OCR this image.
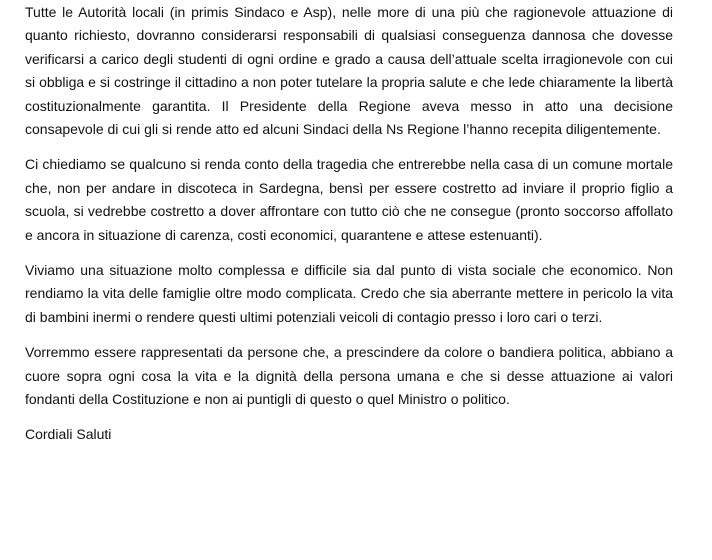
Tutte le Autorità locali (in primis Sindaco e Asp), nelle more di una più che ragionevole attuazione di quanto richiesto, dovranno considerarsi responsabili di qualsiasi conseguenza dannosa che dovesse verificarsi a carico degli studenti di ogni ordine e grado a causa dell’attuale scelta irragionevole con cui si obbliga e si costringe il cittadino a non poter tutelare la propria salute e che lede chiaramente la libertà costituzionalmente garantita. Il Presidente della Regione aveva messo in atto una decisione consapevole di cui gli si rende atto ed alcuni Sindaci della Ns Regione l’hanno recepita diligentemente.

Ci chiediamo se qualcuno si renda conto della tragedia che entrerebbe nella casa di un comune mortale che, non per andare in discoteca in Sardegna, bensì per essere costretto ad inviare il proprio figlio a scuola, si vedrebbe costretto a dover affrontare con tutto ciò che ne consegue (pronto soccorso affollato e ancora in situazione di carenza, costi economici, quarantene e attese estenuanti).

Viviamo una situazione molto complessa e difficile sia dal punto di vista sociale che economico. Non rendiamo la vita delle famiglie oltre modo complicata. Credo che sia aberrante mettere in pericolo la vita di bambini inermi o rendere questi ultimi potenziali veicoli di contagio presso i loro cari o terzi.

Vorremmo essere rappresentati da persone che, a prescindere da colore o bandiera politica, abbiano a cuore sopra ogni cosa la vita e la dignità della persona umana e che si desse attuazione ai valori fondanti della Costituzione e non ai puntigli di questo o quel Ministro o politico.

Cordiali Saluti
